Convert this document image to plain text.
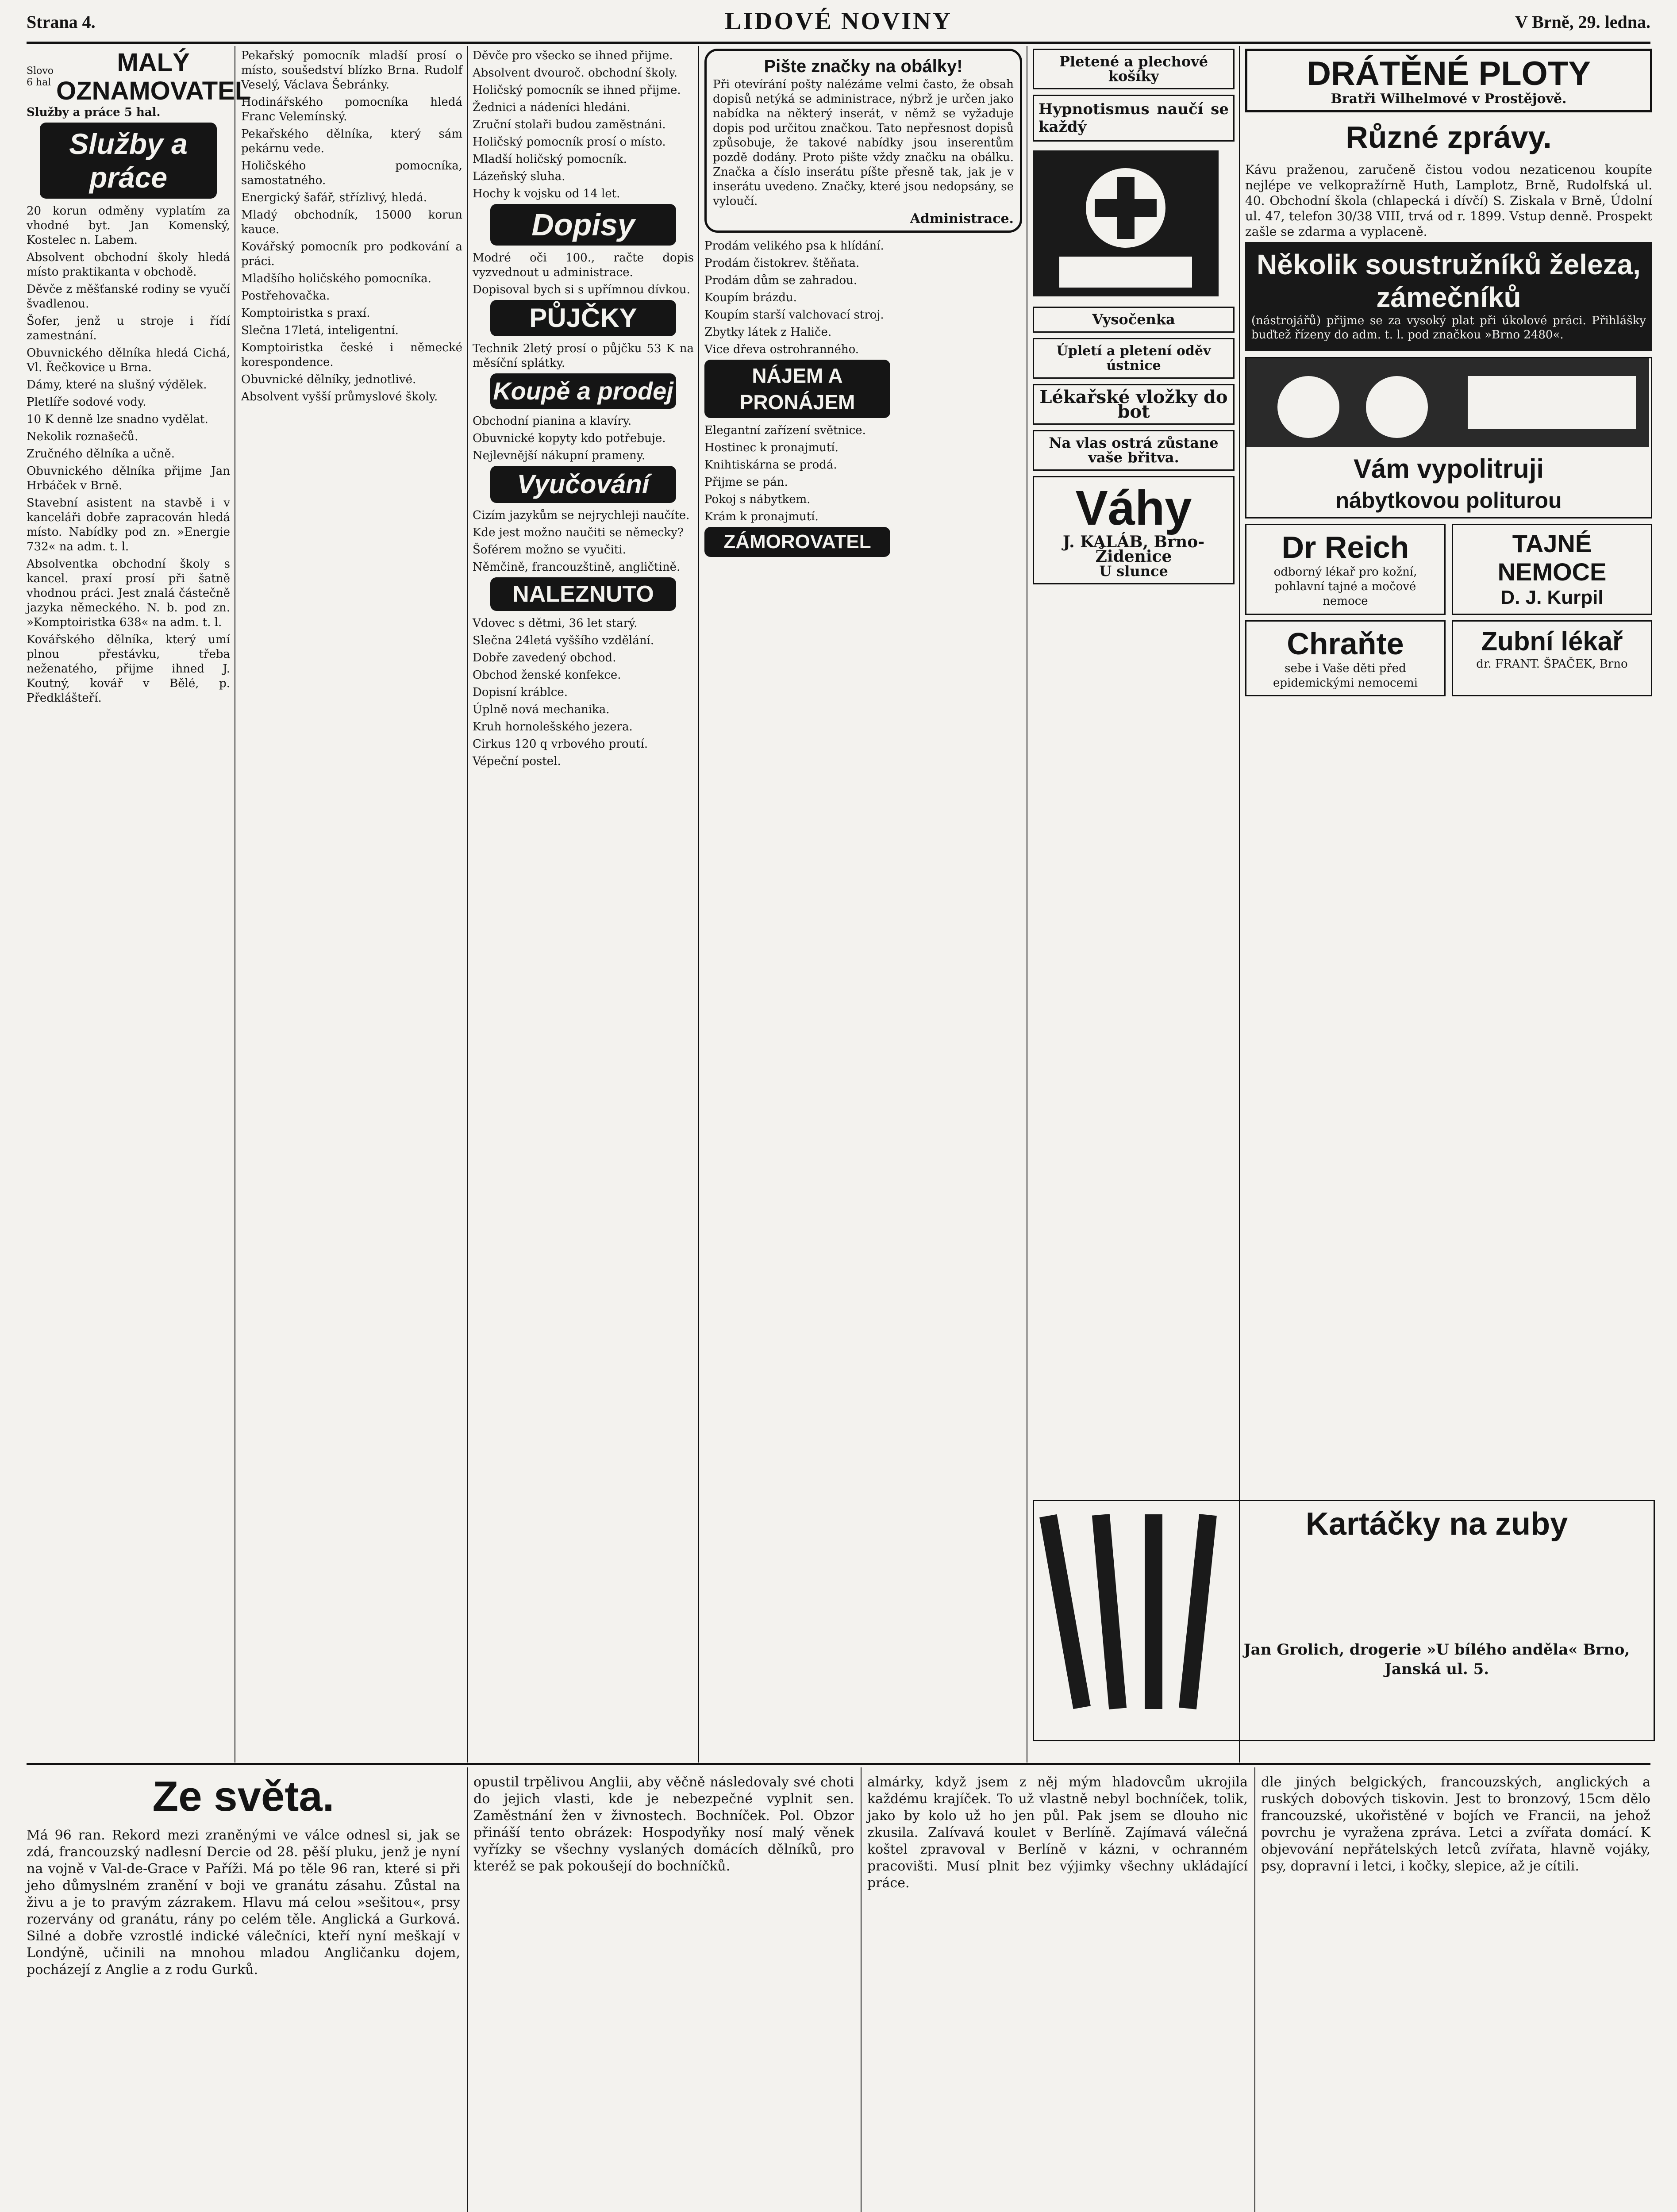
Strana 4.	LIDOVÉ NOVINY	V Brně, 29. ledna.
Slovo 6 hal
MALÝ OZNAMOVATEL
Služby a práce 5 hal.
Služby a práce

20 korun odměny vyplatím za vhodné byt. Jan Komenský, Kostelec n. Labem.

Absolvent obchodní školy hledá místo praktikanta v obchodě.

Děvče z měšťanské rodiny se vyučí švadlenou.

Šofer, jenž u stroje i řídí zamestnání.

Obuvnického dělníka hledá Cichá, Vl. Řečkovice u Brna.

Dámy, které na slušný výdělek.

Pletlíře sodové vody.

10 K denně lze snadno vydělat.

Nekolik roznašečů.

Zručného dělníka a učně.

Obuvnického dělníka přijme Jan Hrbáček v Brně.

Stavební asistent na stavbě i v kanceláři dobře zapracován hledá místo. Nabídky pod zn. »Energie 732« na adm. t. l.

Absolventka obchodní školy s kancel. praxí prosí při šatně vhodnou práci. Jest znalá částečně jazyka německého. N. b. pod zn. »Komptoiristka 638« na adm. t. l.

Kovářského dělníka, který umí plnou přestávku, třeba neženatého, přijme ihned J. Koutný, kovář v Bělé, p. Předklášteří.

Pekařský pomocník mladší prosí o místo, soušedství blízko Brna. Rudolf Veselý, Václava Šebránky.

Hodinářského pomocníka hledá Franc Velemínský.

Pekařského dělníka, který sám pekárnu vede.

Holičského pomocníka, samostatného.

Energický šafář, střízlivý, hledá.

Mladý obchodník, 15000 korun kauce.

Kovářský pomocník pro podkování a práci.

Mladšího holičského pomocníka.

Postřehovačka.

Komptoiristka s praxí.

Slečna 17letá, inteligentní.

Komptoiristka české i německé korespondence.

Obuvnické dělníky, jednotlivé.

Absolvent vyšší průmyslové školy.

Děvče pro všecko se ihned přijme.

Absolvent dvouroč. obchodní školy.

Holičský pomocník se ihned přijme.

Žednici a nádeníci hledáni.

Zruční stolaři budou zaměstnáni.

Holičský pomocník prosí o místo.

Mladší holičský pomocník.

Lázeňský sluha.

Hochy k vojsku od 14 let.

Dopisy

Modré oči 100., račte dopis vyzvednout u administrace.

Dopisoval bych si s upřímnou dívkou.

PŮJČKY

Technik 2letý prosí o půjčku 53 K na měsíční splátky.

Koupě a prodej

Obchodní pianina a klavíry.

Obuvnické kopyty kdo potřebuje.

Nejlevnější nákupní prameny.

Vyučování

Cizím jazykům se nejrychleji naučíte.

Kde jest možno naučiti se německy?

Šoférem možno se vyučiti.

Němčině, francouzštině, angličtině.

NALEZNUTO

Vdovec s dětmi, 36 let starý.

Slečna 24letá vyššího vzdělání.

Dobře zavedený obchod.

Obchod ženské konfekce.

Dopisní kráblce.

Úplně nová mechanika.

Kruh hornolešského jezera.

Cirkus 120 q vrbového proutí.

Vépeční postel.

Pište značky na obálky!

Při otevírání pošty nalézáme velmi často, že obsah dopisů netýká se administrace, nýbrž je určen jako nabídka na některý inserát, v němž se vyžaduje dopis pod určitou značkou. Tato nepřesnost dopisů způsobuje, že takové nabídky jsou inserentům pozdě dodány. Proto pište vždy značku na obálku. Značka a číslo inserátu píšte přesně tak, jak je v inserátu uvedeno. Značky, které jsou nedopsány, se vyloučí.

Administrace.

Prodám velikého psa k hlídání.

Prodám čistokrev. štěňata.

Prodám dům se zahradou.

Koupím brázdu.

Koupím starší valchovací stroj.

Zbytky látek z Haliče.

Vice dřeva ostrohranného.

NÁJEM A PRONÁJEM

Elegantní zařízení světnice.

Hostinec k pronajmutí.

Knihtiskárna se prodá.

Přijme se pán.

Pokoj s nábytkem.

Krám k pronajmutí.

ZÁMOROVATEL
Pletené a plechové košíky
Hypnotismus naučí se každý
Vysočenka
Úpletí a pletení oděv ústnice
Lékařské vložky do bot
Na vlas ostrá zůstane vaše břitva.
Váhy
J. KALÁB, Brno-Židenice
U slunce
DRÁTĚNÉ PLOTY
Bratři Wilhelmové v Prostějově.
Různé zprávy.

Kávu praženou, zaručeně čistou vodou nezaticenou koupíte nejlépe ve velkopražírně Huth, Lamplotz, Brně, Rudolfská ul. 40. Obchodní škola (chlapecká i dívčí) S. Ziskala v Brně, Údolní ul. 47, telefon 30/38 VIII, trvá od r. 1899. Vstup denně. Prospekt zašle se zdarma a vyplaceně.

Několik soustružníků železa, zámečníků

(nástrojářů) přijme se za vysoký plat při úkolové práci. Přihlášky buďtež řízeny do adm. t. l. pod značkou »Brno 2480«.

Vám vypolitruji
nábytkovou politurou
Dr Reich
odborný lékař pro kožní, pohlavní tajné a močové nemoce
TAJNÉ NEMOCE
D. J. Kurpil
Chraňte
sebe i Vaše děti před epidemickými nemocemi
Zubní lékař
dr. FRANT. ŠPAČEK, Brno
Kartáčky na zuby
Jan Grolich, drogerie »U bílého anděla« Brno, Janská ul. 5.
Ze světa.

Má 96 ran. Rekord mezi zraněnými ve válce odnesl si, jak se zdá, francouzský nadlesní Dercie od 28. pěší pluku, jenž je nyní na vojně v Val-de-Grace v Paříži. Má po těle 96 ran, které si při jeho důmyslném zranění v boji ve granátu zásahu. Zůstal na živu a je to pravým zázrakem. Hlavu má celou »sešitou«, prsy rozervány od granátu, rány po celém těle. Anglická a Gurková. Silné a dobře vzrostlé indické válečníci, kteří nyní meškají v Londýně, učinili na mnohou mladou Angličanku dojem, pocházejí z Anglie a z rodu Gurků.

opustil trpělivou Anglii, aby věčně následovaly své choti do jejich vlasti, kde je nebezpečné vyplnit sen. Zaměstnání žen v živnostech. Bochníček. Pol. Obzor přináší tento obrázek: Hospodyňky nosí malý věnek vyřízky se všechny vyslaných domácích dělníků, pro kteréž se pak pokoušejí do bochníčků.

almárky, když jsem z něj mým hladovcům ukrojila každému krajíček. To už vlastně nebyl bochníček, tolik, jako by kolo už ho jen půl. Pak jsem se dlouho nic zkusila. Zalívavá koulet v Berlíně. Zajímavá válečná koštel zpravoval v Berlíně v kázni, v ochranném pracovišti. Musí plnit bez výjimky všechny ukládající práce.

dle jiných belgických, francouzských, anglických a ruských dobových tiskovin. Jest to bronzový, 15cm dělo francouzské, ukořistěné v bojích ve Francii, na jehož povrchu je vyražena zpráva. Letci a zvířata domácí. K objevování nepřátelských letců zvířata, hlavně vojáky, psy, dopravní i letci, i kočky, slepice, až je cítili.
